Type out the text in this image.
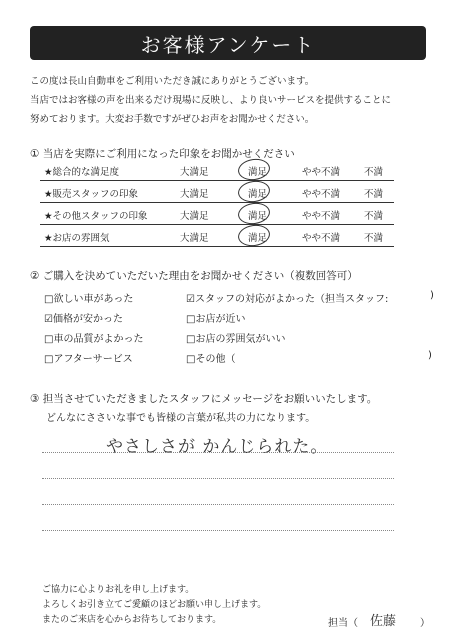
お客様アンケート
この度は長山自動車をご利用いただき誠にありがとうございます。
当店ではお客様の声を出来るだけ現場に反映し、より良いサービスを提供することに
努めております。大変お手数ですがぜひお声をお聞かせください。
① 当店を実際にご利用になった印象をお聞かせください
★総合的な満足度	大満足	満足	やや不満	不満
★販売スタッフの印象	大満足	満足	やや不満	不満
★その他スタッフの印象	大満足	満足	やや不満	不満
★お店の雰囲気	大満足	満足	やや不満	不満
② ご購入を決めていただいた理由をお聞かせください（複数回答可）
□欲しい車があった	☑スタッフの対応がよかった（担当スタッフ:	)
☑価格が安かった	□お店が近い
□車の品質がよかった	□お店の雰囲気がいい
□アフターサービス	□その他（	)
③ 担当させていただきましたスタッフにメッセージをお願いいたします。
どんなにささいな事でも皆様の言葉が私共の力になります。
やさしさが かんじられた。
ご協力に心よりお礼を申し上げます。
よろしくお引き立てご愛顧のほどお願い申し上げます。
またのご来店を心からお待ちしております。	担当（ 佐藤 ）
